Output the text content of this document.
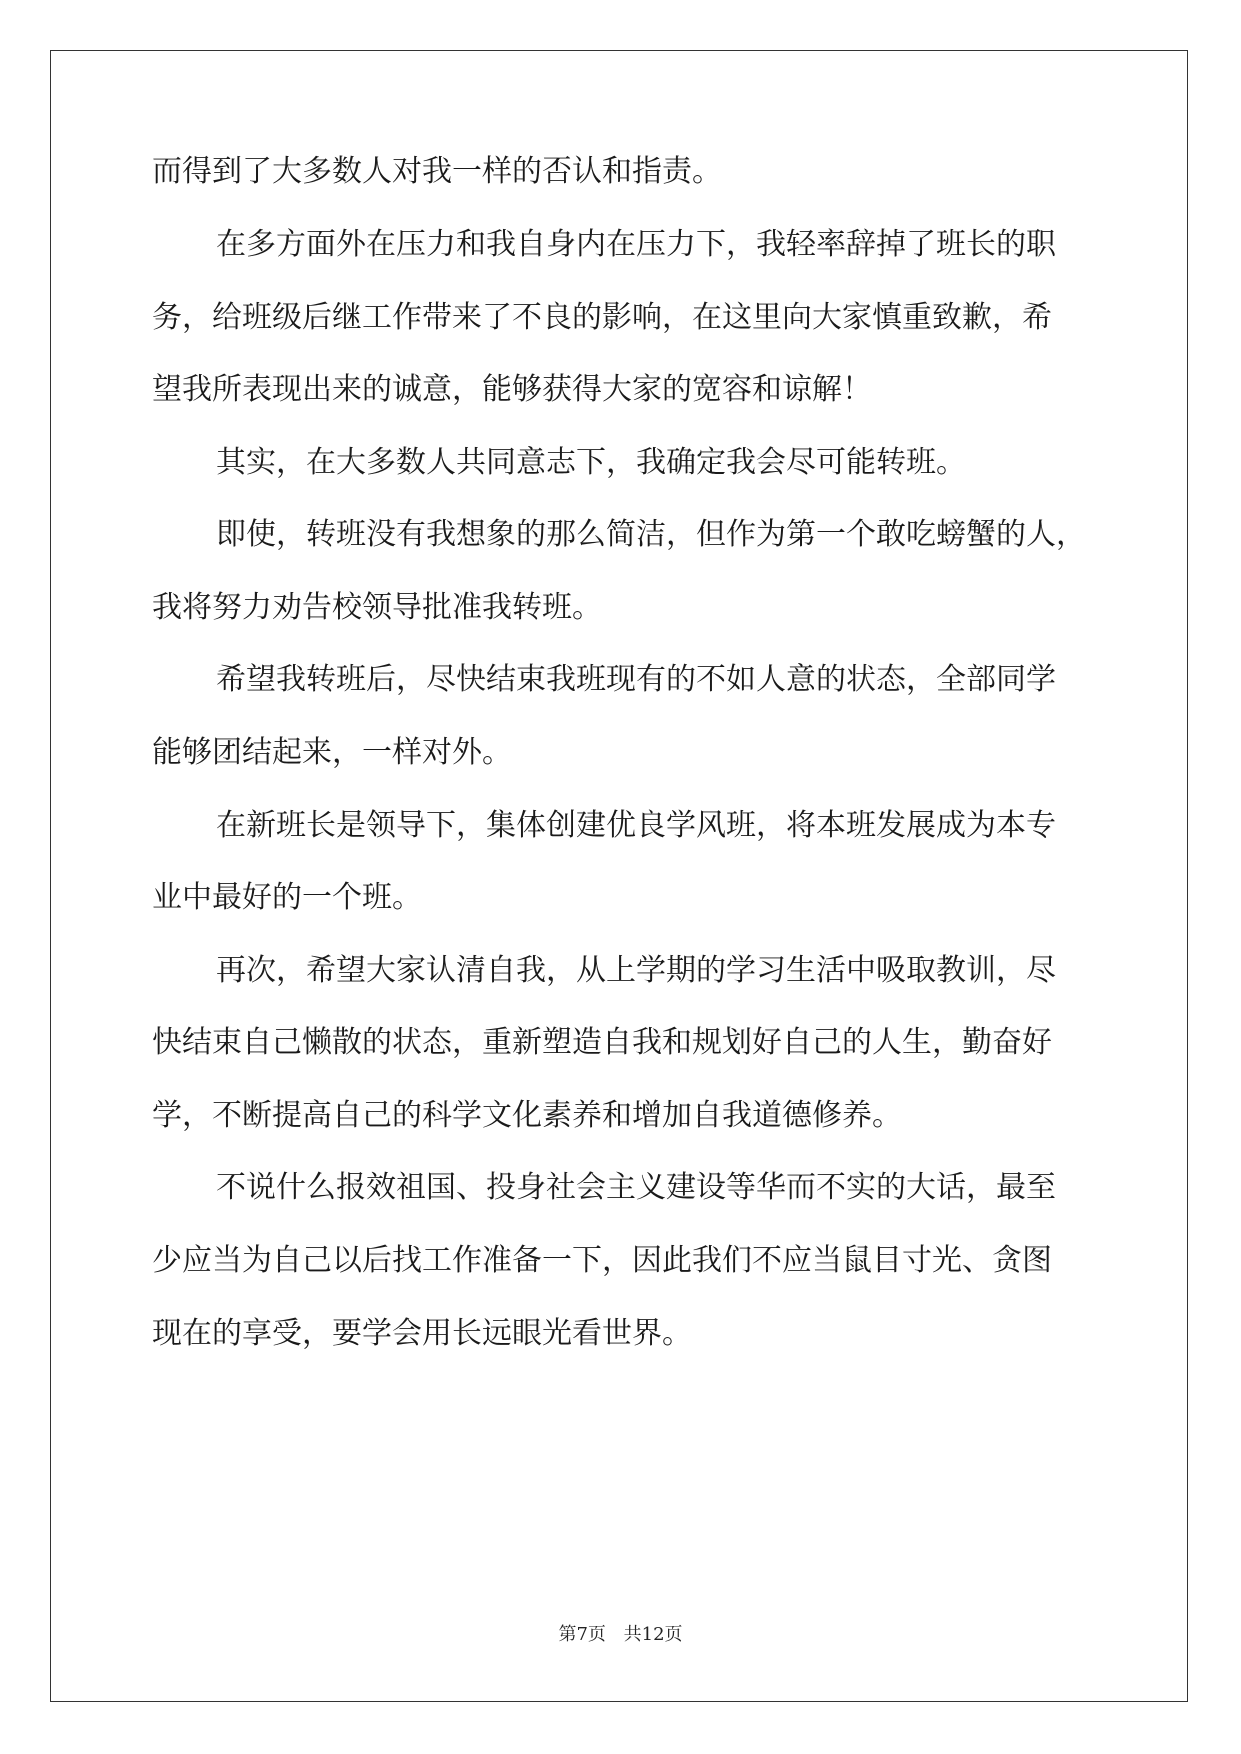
而得到了大多数人对我一样的否认和指责。
在多方面外在压力和我自身内在压力下，我轻率辞掉了班长的职
务，给班级后继工作带来了不良的影响，在这里向大家慎重致歉，希
望我所表现出来的诚意，能够获得大家的宽容和谅解！
其实，在大多数人共同意志下，我确定我会尽可能转班。
即使，转班没有我想象的那么简洁，但作为第一个敢吃螃蟹的人，
我将努力劝告校领导批准我转班。
希望我转班后，尽快结束我班现有的不如人意的状态，全部同学
能够团结起来，一样对外。
在新班长是领导下，集体创建优良学风班，将本班发展成为本专
业中最好的一个班。
再次，希望大家认清自我，从上学期的学习生活中吸取教训，尽
快结束自己懒散的状态，重新塑造自我和规划好自己的人生，勤奋好
学，不断提高自己的科学文化素养和增加自我道德修养。
不说什么报效祖国、投身社会主义建设等华而不实的大话，最至
少应当为自己以后找工作准备一下，因此我们不应当鼠目寸光、贪图
现在的享受，要学会用长远眼光看世界。
第7页 共12页
